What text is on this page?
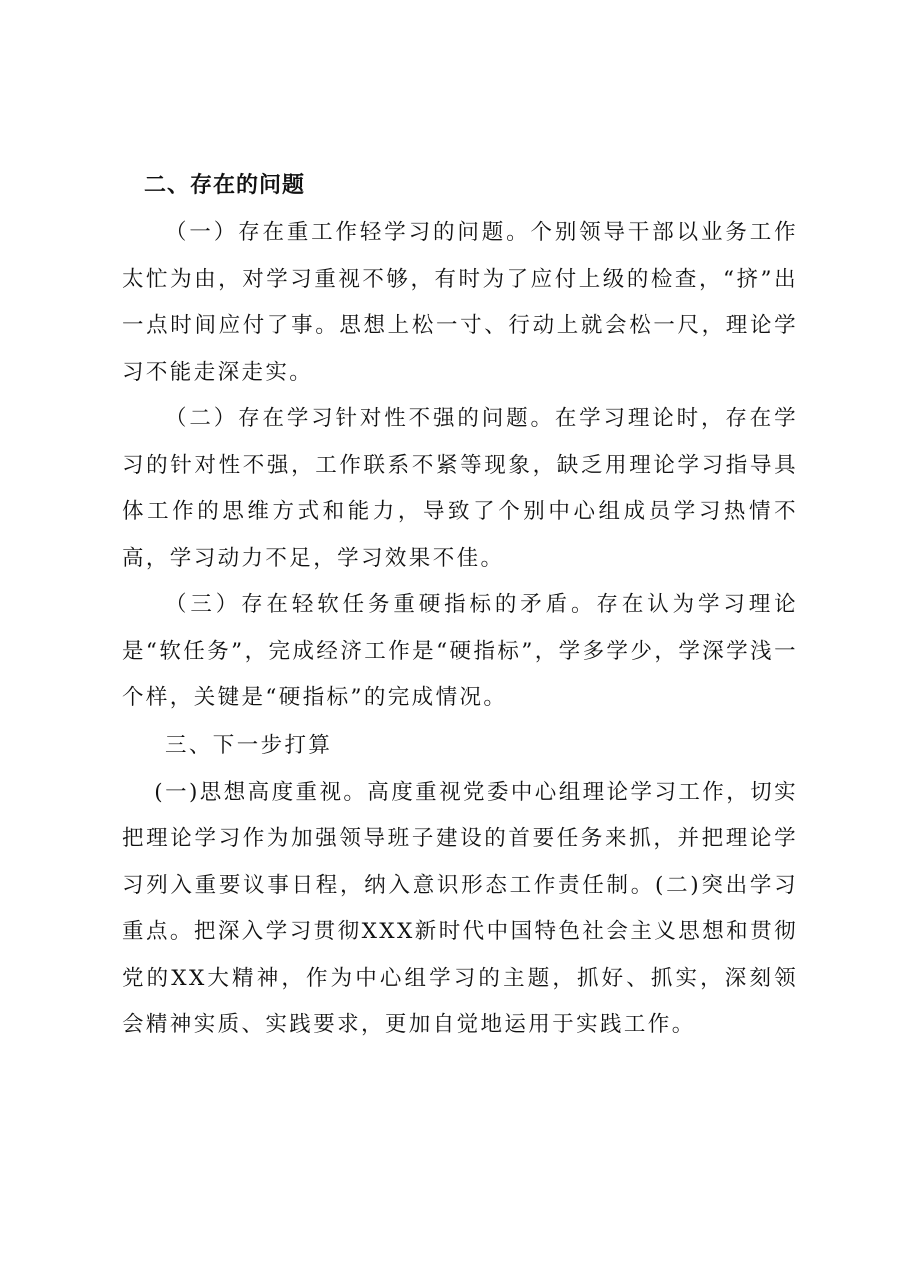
二、存在的问题

（一）存在重工作轻学习的问题。个别领导干部以业务工作太忙为由，对学习重视不够，有时为了应付上级的检查，“挤”出一点时间应付了事。思想上松一寸、行动上就会松一尺，理论学习不能走深走实。

（二）存在学习针对性不强的问题。在学习理论时，存在学习的针对性不强，工作联系不紧等现象，缺乏用理论学习指导具体工作的思维方式和能力，导致了个别中心组成员学习热情不高，学习动力不足，学习效果不佳。

（三）存在轻软任务重硬指标的矛盾。存在认为学习理论是“软任务”，完成经济工作是“硬指标”，学多学少，学深学浅一个样，关键是“硬指标”的完成情况。

三、下一步打算

(一)思想高度重视。高度重视党委中心组理论学习工作，切实把理论学习作为加强领导班子建设的首要任务来抓，并把理论学习列入重要议事日程，纳入意识形态工作责任制。(二)突出学习重点。把深入学习贯彻XXX新时代中国特色社会主义思想和贯彻党的XX大精神，作为中心组学习的主题，抓好、抓实，深刻领会精神实质、实践要求，更加自觉地运用于实践工作。
